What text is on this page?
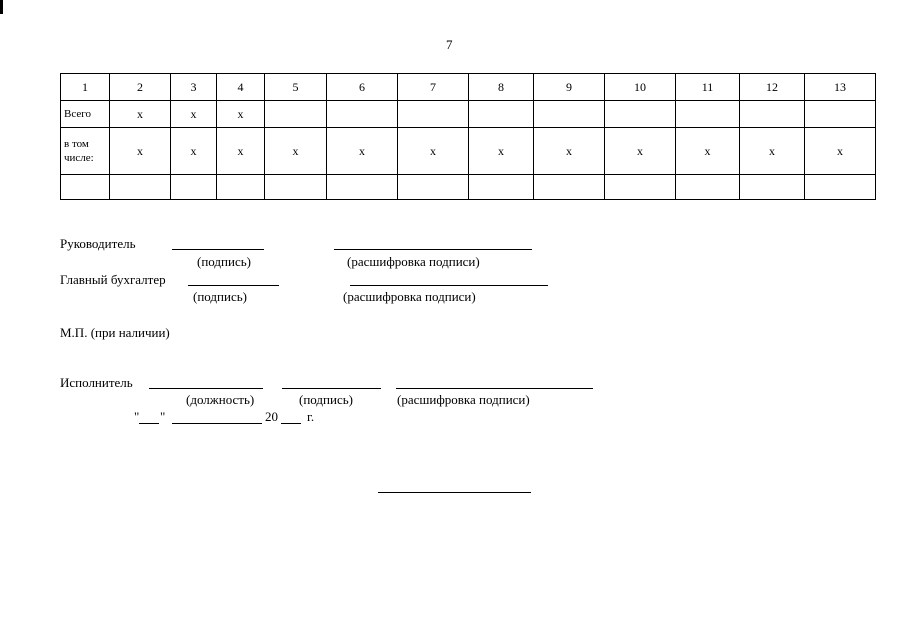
7
1	2	3	4	5	6	7	8	9	10	11	12	13
Всего	x	x	x									
в том числе:	x	x	x	x	x	x	x	x	x	x	x	x

Руководитель
(подпись)	(расшифровка подписи)
Главный бухгалтер
(подпись)	(расшифровка подписи)
М.П. (при наличии)
Исполнитель
(должность)	(подпись)	(расшифровка подписи)
" "	20 г.
